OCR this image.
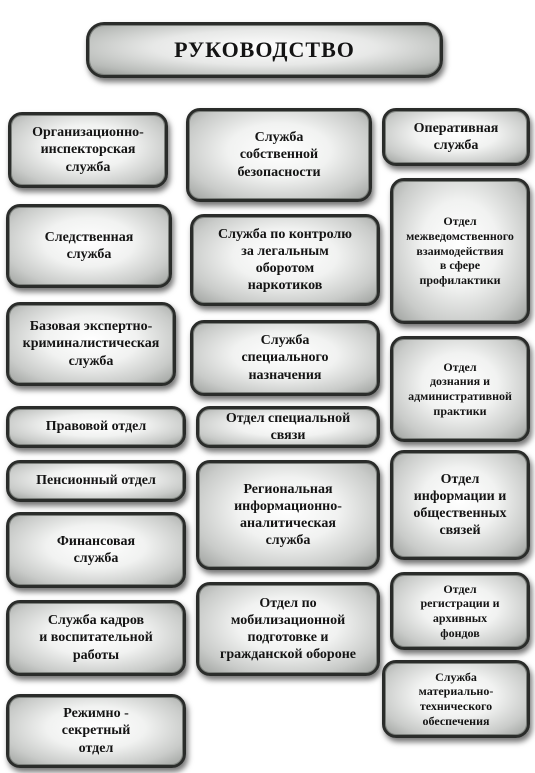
РУКОВОДСТВО
Организационно-
инспекторская
служба
Следственная
служба
Базовая экспертно-
криминалистическая
служба
Правовой отдел
Пенсионный отдел
Финансовая
служба
Служба кадров
и воспитательной
работы
Режимно -
секретный
отдел
Служба
собственной
безопасности
Служба по контролю
за легальным
оборотом
наркотиков
Служба
специального
назначения
Отдел специальной
связи
Региональная
информационно-
аналитическая
служба
Отдел по
мобилизационной
подготовке и
гражданской обороне
Оперативная
служба
Отдел
межведомственного
взаимодействия
в сфере
профилактики
Отдел
дознания и
административной
практики
Отдел
информации и
общественных
связей
Отдел
регистрации и
архивных
фондов
Служба
материально-
технического
обеспечения
